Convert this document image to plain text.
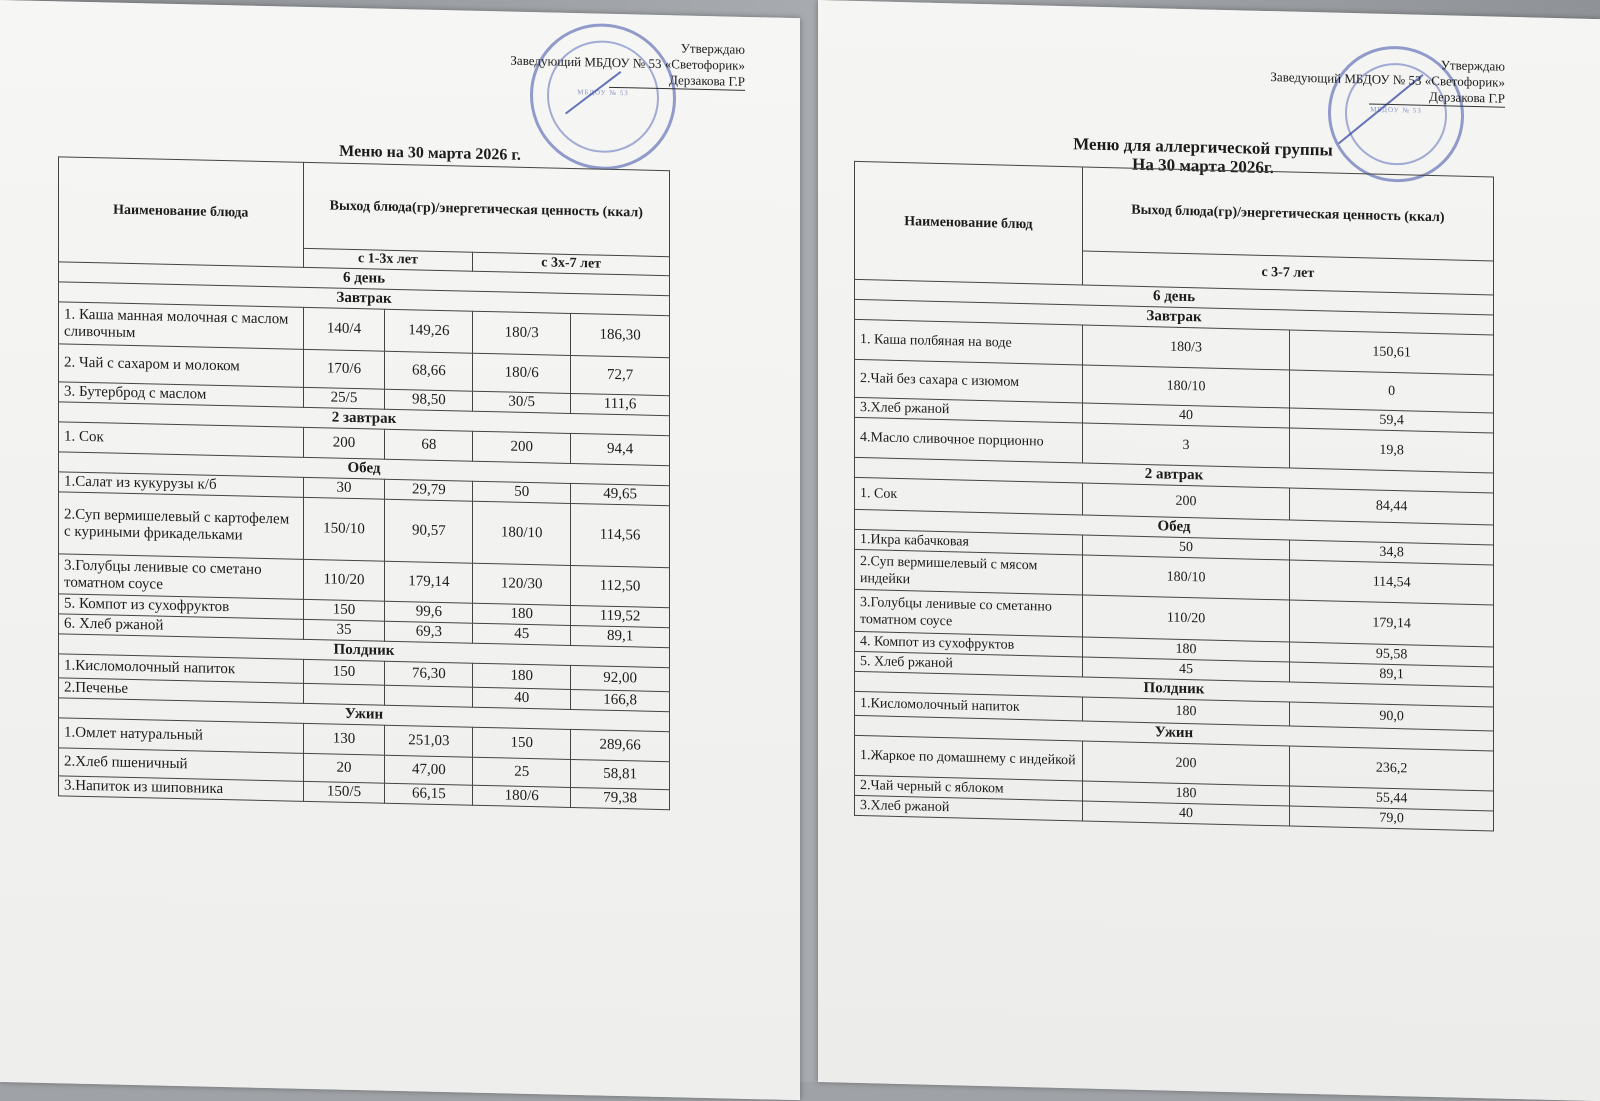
МБДОУ № 53
Утверждаю
Заведующий МБДОУ № 53 «Светофорик»
Дерзакова Г.Р
Меню на 30 марта 2026 г.
Наименование блюда	Выход блюда(гр)/энергетическая ценность (ккал)			
	с 1-3х лет		с 3х-7 лет	
6 день				
Завтрак				
1. Каша манная молочная с маслом сливочным	140/4	149,26	180/3	186,30
2. Чай с сахаром и молоком	170/6	68,66	180/6	72,7
3. Бутерброд с маслом	25/5	98,50	30/5	111,6
2 завтрак				
1. Сок	200	68	200	94,4
Обед				
1.Салат из кукурузы к/б	30	29,79	50	49,65
2.Суп вермишелевый с картофелем с куриными фрикадельками	150/10	90,57	180/10	114,56
3.Голубцы ленивые со сметано томатном соусе	110/20	179,14	120/30	112,50
5. Компот из сухофруктов	150	99,6	180	119,52
6. Хлеб ржаной	35	69,3	45	89,1
Полдник				
1.Кисломолочный напиток	150	76,30	180	92,00
2.Печенье			40	166,8
Ужин				
1.Омлет натуральный	130	251,03	150	289,66
2.Хлеб пшеничный	20	47,00	25	58,81
3.Напиток из шиповника	150/5	66,15	180/6	79,38
МБДОУ № 53
Утверждаю
Заведующий МБДОУ № 53 «Светофорик»
Дерзакова Г.Р
Меню для аллергической группы
На 30 марта 2026г.
Наименование блюд	Выход блюда(гр)/энергетическая ценность (ккал)	
	с 3-7 лет	
6 день		
Завтрак		
1. Каша полбяная на воде	180/3	150,61
2.Чай без сахара с изюмом	180/10	0
3.Хлеб ржаной	40	59,4
4.Масло сливочное порционно	3	19,8
2 автрак		
1. Сок	200	84,44
Обед		
1.Икра кабачковая	50	34,8
2.Суп вермишелевый с мясом индейки	180/10	114,54
3.Голубцы ленивые со сметанно томатном соусе	110/20	179,14
4. Компот из сухофруктов	180	95,58
5. Хлеб ржаной	45	89,1
Полдник		
1.Кисломолочный напиток	180	90,0
Ужин		
1.Жаркое по домашнему с индейкой	200	236,2
2.Чай черный с яблоком	180	55,44
3.Хлеб ржаной	40	79,0
